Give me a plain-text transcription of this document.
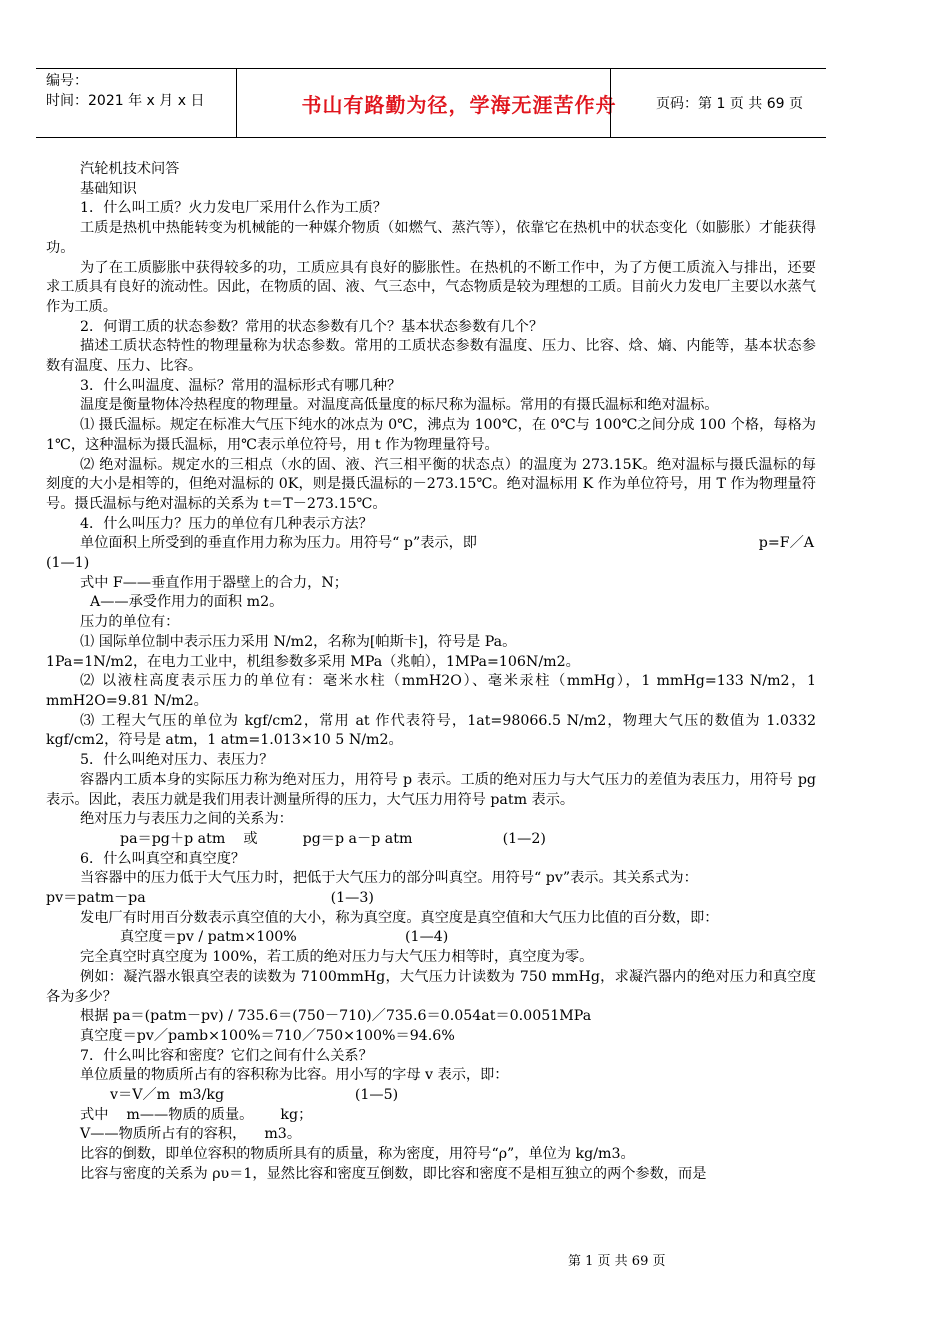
编号：
时间：2021 年 x 月 x 日	书山有路勤为径，学海无涯苦作舟	页码：第 1 页 共 69 页

汽轮机技术问答

基础知识

1．什么叫工质？火力发电厂采用什么作为工质？

工质是热机中热能转变为机械能的一种媒介物质（如燃气、蒸汽等），依靠它在热机中的状态变化（如膨胀）才能获得功。

为了在工质膨胀中获得较多的功，工质应具有良好的膨胀性。在热机的不断工作中，为了方便工质流入与排出，还要求工质具有良好的流动性。因此，在物质的固、液、气三态中，气态物质是较为理想的工质。目前火力发电厂主要以水蒸气作为工质。

2．何谓工质的状态参数？常用的状态参数有几个？基本状态参数有几个？

描述工质状态特性的物理量称为状态参数。常用的工质状态参数有温度、压力、比容、焓、熵、内能等，基本状态参数有温度、压力、比容。

3．什么叫温度、温标？常用的温标形式有哪几种？

温度是衡量物体冷热程度的物理量。对温度高低量度的标尺称为温标。常用的有摄氏温标和绝对温标。

⑴ 摄氏温标。规定在标准大气压下纯水的冰点为 0℃，沸点为 100℃，在 0℃与 100℃之间分成 100 个格，每格为 1℃，这种温标为摄氏温标，用℃表示单位符号，用 t 作为物理量符号。

⑵ 绝对温标。规定水的三相点（水的固、液、汽三相平衡的状态点）的温度为 273.15K。绝对温标与摄氏温标的每刻度的大小是相等的，但绝对温标的 0K，则是摄氏温标的－273.15℃。绝对温标用 K 作为单位符号，用 T 作为物理量符号。摄氏温标与绝对温标的关系为 t＝T－273.15℃。

4．什么叫压力？压力的单位有几种表示方法？

单位面积上所受到的垂直作用力称为压力。用符号“ p”表示，即	p=F／A

(1—1)

式中 F——垂直作用于器壁上的合力，N；

A——承受作用力的面积 m2。

压力的单位有：

⑴ 国际单位制中表示压力采用 N/m2，名称为[帕斯卡]，符号是 Pa。

1Pa=1N/m2，在电力工业中，机组参数多采用 MPa（兆帕），1MPa=106N/m2。

⑵ 以液柱高度表示压力的单位有：毫米水柱（mmH2O）、毫米汞柱（mmHg），1 mmHg=133 N/m2，1 mmH2O=9.81 N/m2。

⑶ 工程大气压的单位为 kgf/cm2，常用 at 作代表符号，1at=98066.5 N/m2，物理大气压的数值为 1.0332 kgf/cm2，符号是 atm，1 atm=1.013×10 5 N/m2。

5．什么叫绝对压力、表压力？

容器内工质本身的实际压力称为绝对压力，用符号 p 表示。工质的绝对压力与大气压力的差值为表压力，用符号 pg 表示。因此，表压力就是我们用表计测量所得的压力，大气压力用符号 patm 表示。

绝对压力与表压力之间的关系为：

pa＝pg＋p atm    或          pg＝p a－p atm                    (1—2)

6．什么叫真空和真空度？

当容器中的压力低于大气压力时，把低于大气压力的部分叫真空。用符号“ pv”表示。其关系式为：

pv＝patm－pa                                         (1—3)

发电厂有时用百分数表示真空值的大小，称为真空度。真空度是真空值和大气压力比值的百分数，即：

真空度＝pv / patm×100%                        (1—4)

完全真空时真空度为 100%，若工质的绝对压力与大气压力相等时，真空度为零。

例如：凝汽器水银真空表的读数为 7100mmHg，大气压力计读数为 750 mmHg，求凝汽器内的绝对压力和真空度各为多少？

根据 pa＝(patm－pv) / 735.6＝(750－710)／735.6＝0.054at＝0.0051MPa

真空度＝pv／pamb×100%＝710／750×100%＝94.6%

7．什么叫比容和密度？它们之间有什么关系？

单位质量的物质所占有的容积称为比容。用小写的字母 v 表示，即：

v＝V／m  m3/kg                             (1—5)

式中    m——物质的质量。      kg；

V——物质所占有的容积，    m3。

比容的倒数，即单位容积的物质所具有的质量，称为密度，用符号“ρ”，单位为 kg/m3。

比容与密度的关系为 ρυ＝1，显然比容和密度互倒数，即比容和密度不是相互独立的两个参数，而是

第 1 页 共 69 页
